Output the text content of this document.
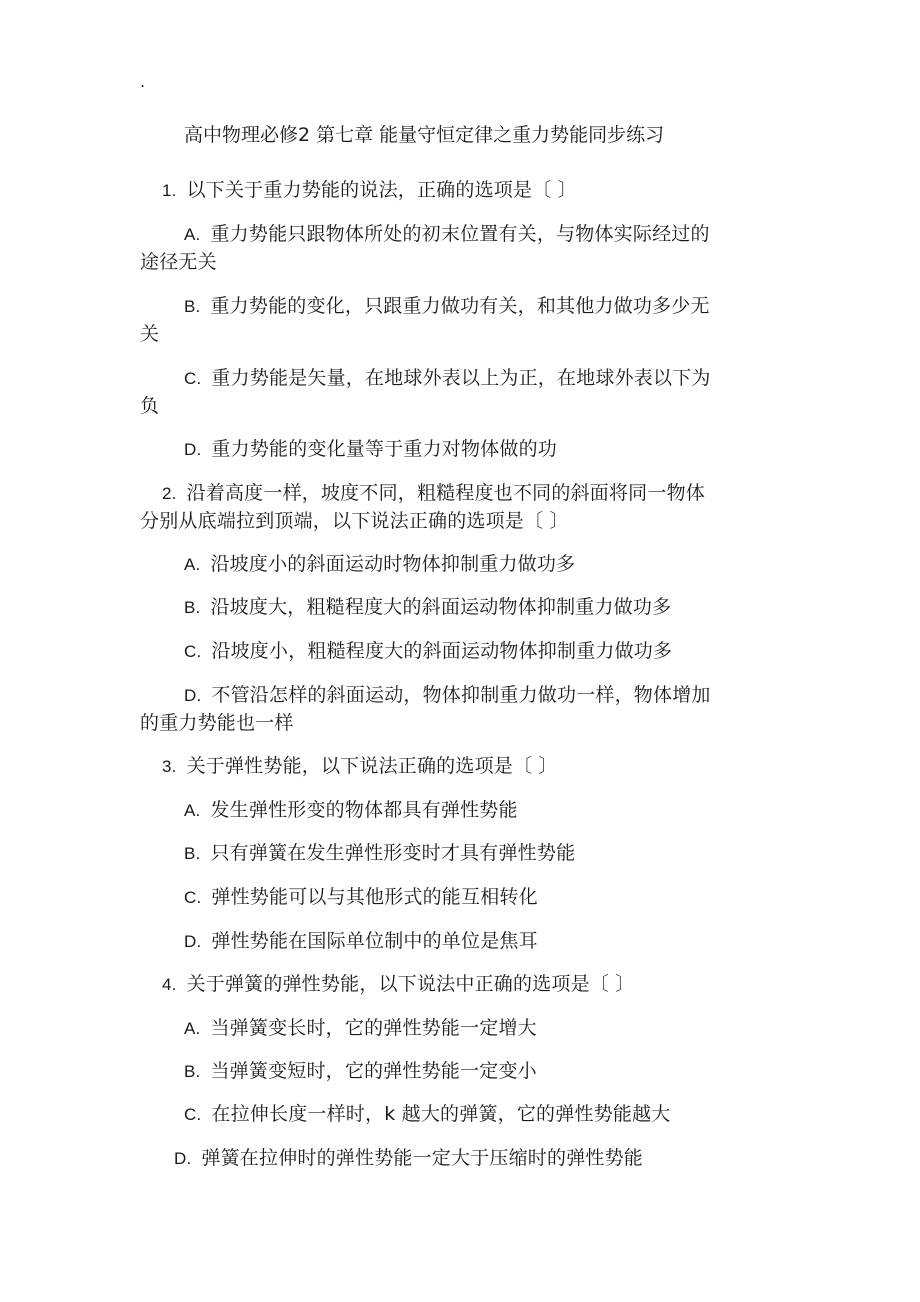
.
高中物理必修2 第七章 能量守恒定律之重力势能同步练习
1. 以下关于重力势能的说法，正确的选项是〔 〕
A. 重力势能只跟物体所处的初末位置有关，与物体实际经过的
途径无关
B. 重力势能的变化，只跟重力做功有关，和其他力做功多少无
关
C. 重力势能是矢量，在地球外表以上为正，在地球外表以下为
负
D. 重力势能的变化量等于重力对物体做的功
2. 沿着高度一样，坡度不同，粗糙程度也不同的斜面将同一物体
分别从底端拉到顶端，以下说法正确的选项是〔 〕
A. 沿坡度小的斜面运动时物体抑制重力做功多
B. 沿坡度大，粗糙程度大的斜面运动物体抑制重力做功多
C. 沿坡度小，粗糙程度大的斜面运动物体抑制重力做功多
D. 不管沿怎样的斜面运动，物体抑制重力做功一样，物体增加
的重力势能也一样
3. 关于弹性势能，以下说法正确的选项是〔 〕
A. 发生弹性形变的物体都具有弹性势能
B. 只有弹簧在发生弹性形变时才具有弹性势能
C. 弹性势能可以与其他形式的能互相转化
D. 弹性势能在国际单位制中的单位是焦耳
4. 关于弹簧的弹性势能，以下说法中正确的选项是〔 〕
A. 当弹簧变长时，它的弹性势能一定增大
B. 当弹簧变短时，它的弹性势能一定变小
C. 在拉伸长度一样时，k 越大的弹簧，它的弹性势能越大
D. 弹簧在拉伸时的弹性势能一定大于压缩时的弹性势能
